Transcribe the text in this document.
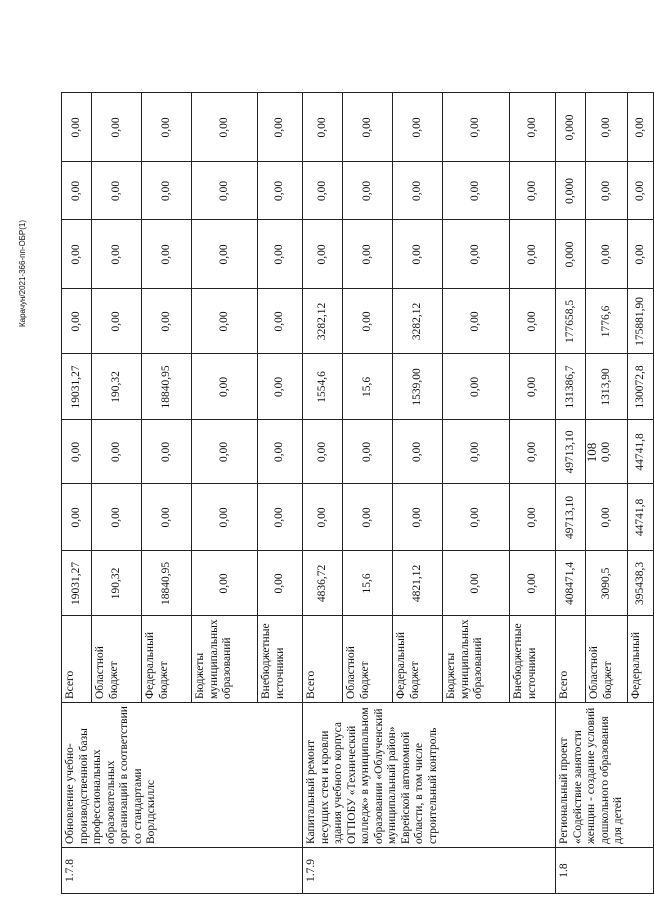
Карачун/2021-366-пп-ОБР(1)
108
1.7.8	Обновление учебно-производственной базы профессиональных образовательных организаций в соответствии со стандартами Ворлдскиллс	Всего	19031,27	0,00	0,00	19031,27	0,00	0,00	0,00	0,00
		Областной бюджет	190,32	0,00	0,00	190,32	0,00	0,00	0,00	0,00
		Федеральный бюджет	18840,95	0,00	0,00	18840,95	0,00	0,00	0,00	0,00
		Бюджеты муниципальных образований	0,00	0,00	0,00	0,00	0,00	0,00	0,00	0,00
		Внебюджетные источники	0,00	0,00	0,00	0,00	0,00	0,00	0,00	0,00
1.7.9	Капитальный ремонт несущих стен и кровли здания учебного корпуса ОГПОБУ «Технический колледж» в муниципальном образовании «Облученский муниципальный район» Еврейской автономной области, в том числе строительный контроль	Всего	4836,72	0,00	0,00	1554,6	3282,12	0,00	0,00	0,00
		Областной бюджет	15,6	0,00	0,00	15,6	0,00	0,00	0,00	0,00
		Федеральный бюджет	4821,12	0,00	0,00	1539,00	3282,12	0,00	0,00	0,00
		Бюджеты муниципальных образований	0,00	0,00	0,00	0,00	0,00	0,00	0,00	0,00
		Внебюджетные источники	0,00	0,00	0,00	0,00	0,00	0,00	0,00	0,00
1.8	Региональный проект «Содействие занятости женщин - создание условий дошкольного образования для детей	Всего	408471,4	49713,10	49713,10	131386,7	177658,5	0,000	0,000	0,000
		Областной бюджет	3090,5	0,00	0,00	1313,90	1776,6	0,00	0,00	0,00
		Федеральный	395438,3	44741,8	44741,8	130072,8	175881,90	0,00	0,00	0,00
